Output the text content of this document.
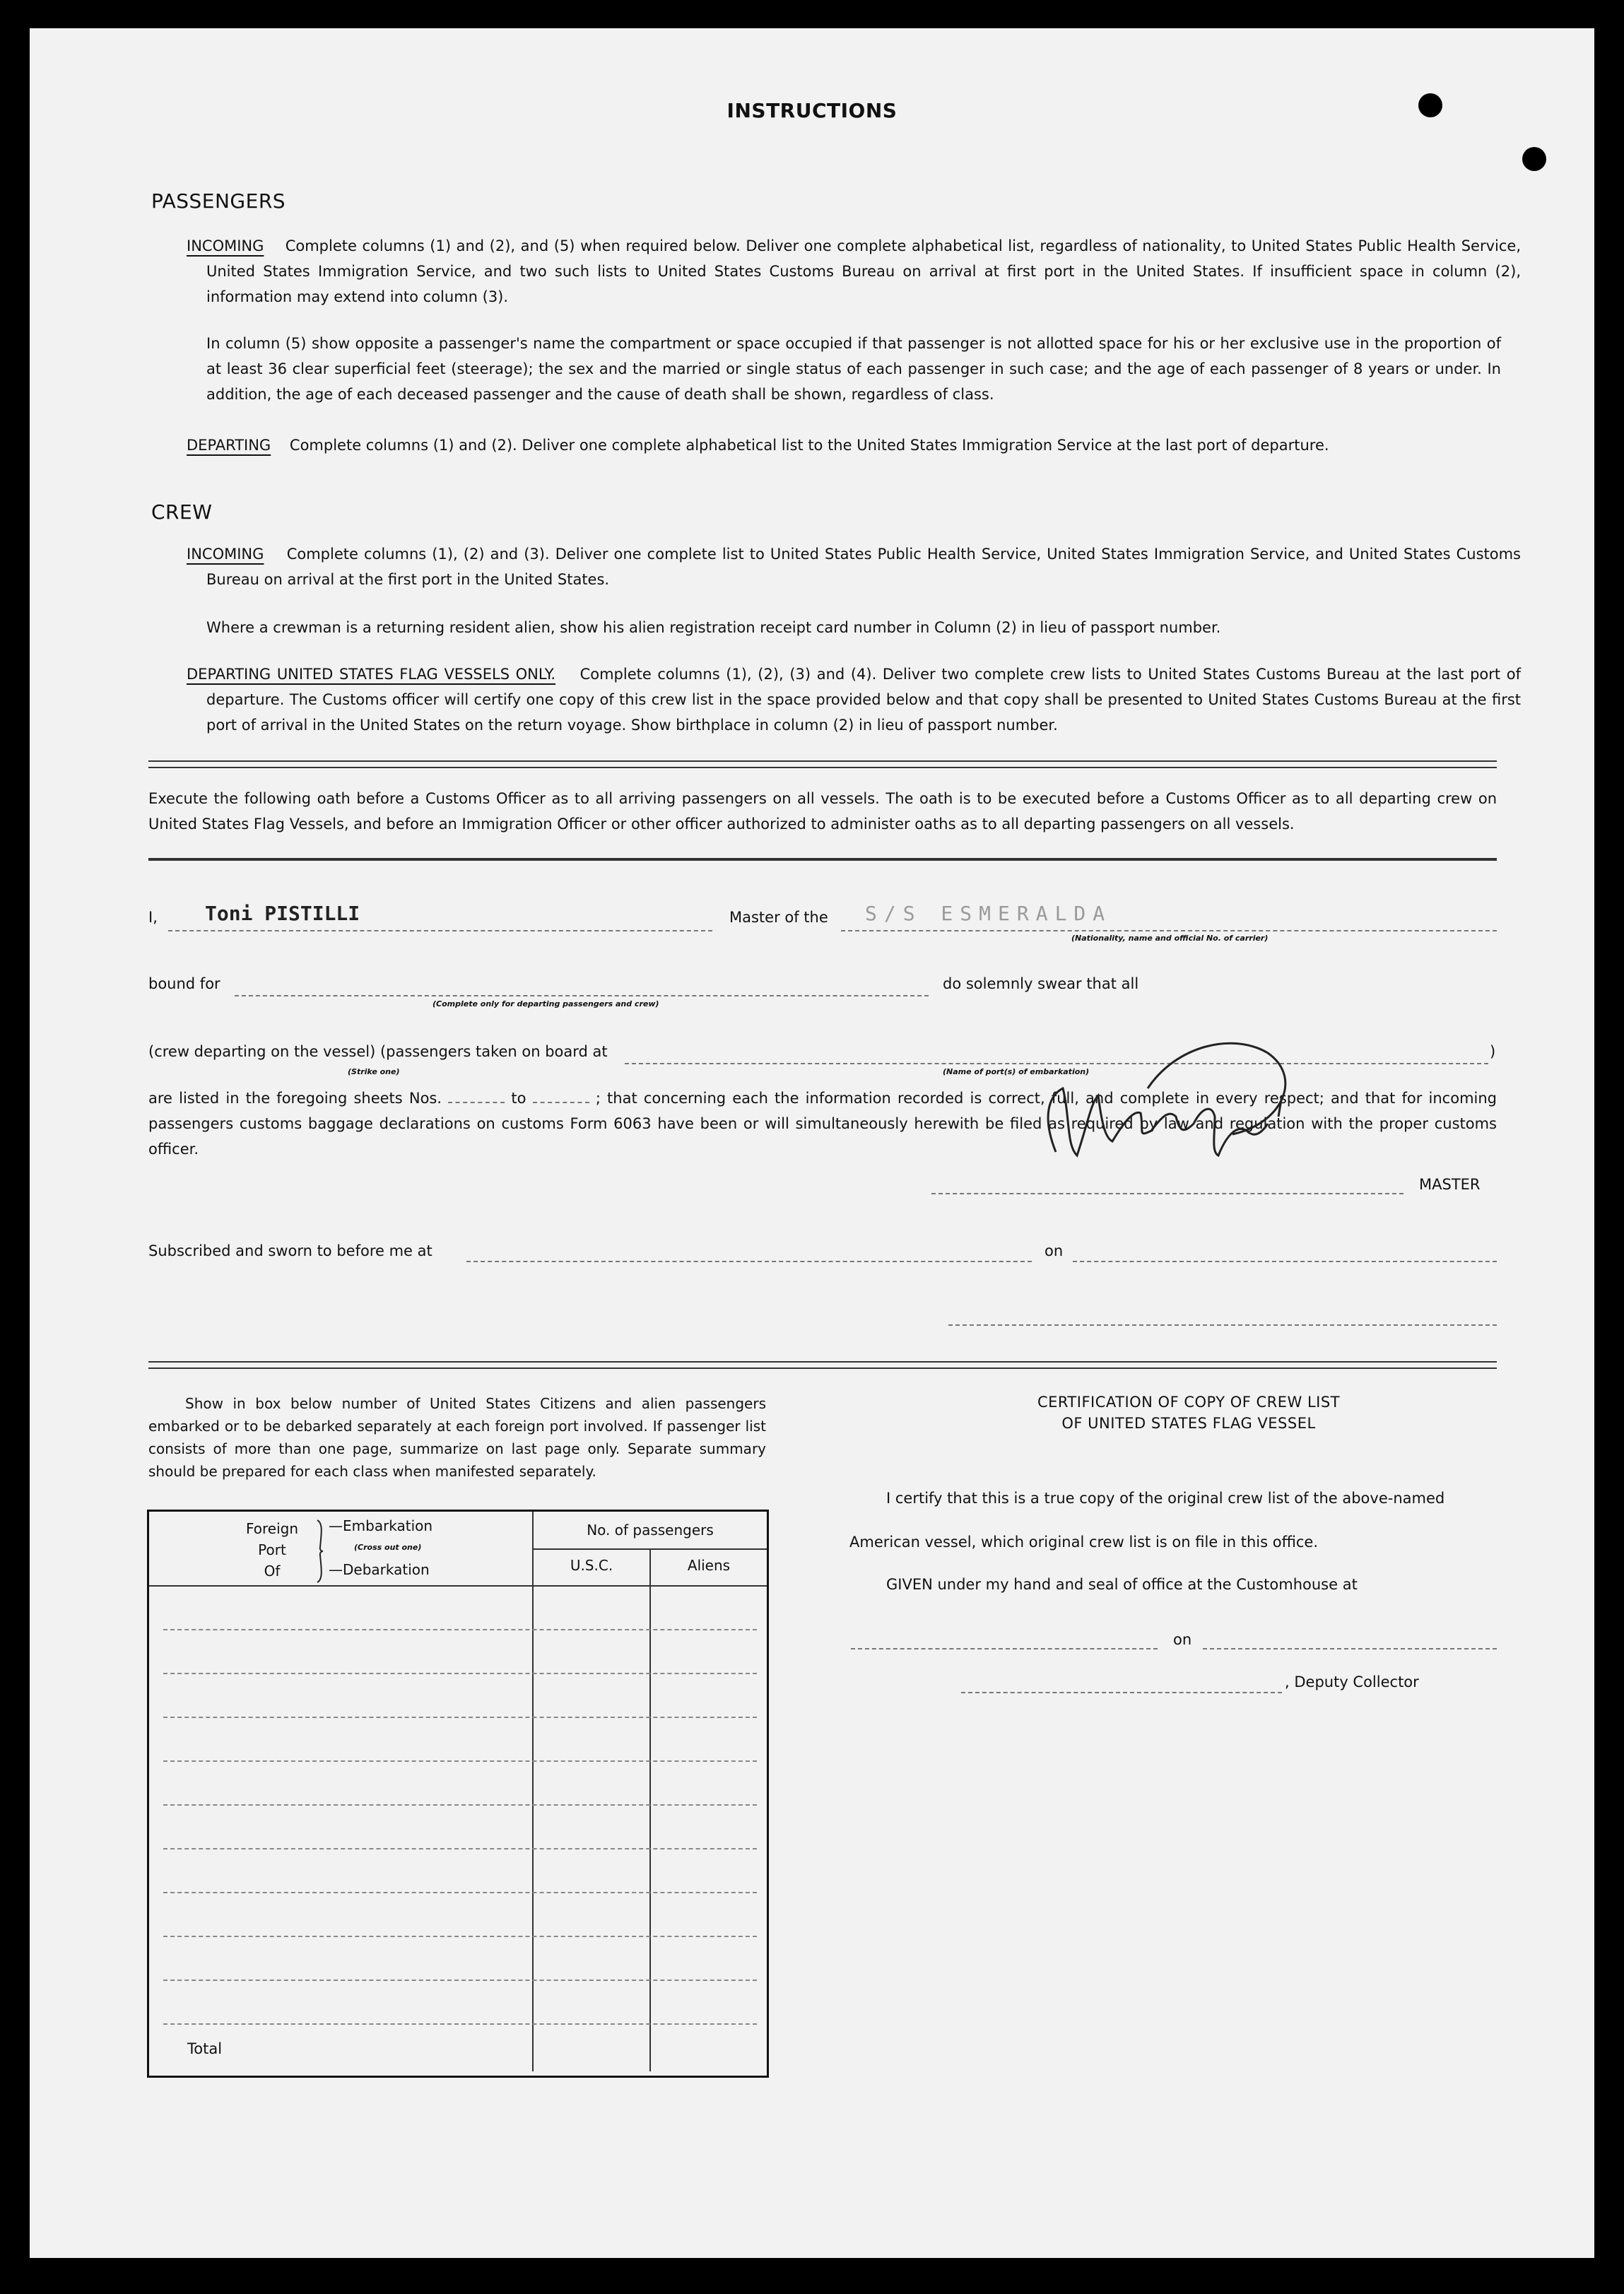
INSTRUCTIONS
PASSENGERS
INCOMING Complete columns (1) and (2), and (5) when required below. Deliver one complete alphabetical list, regardless of nationality, to United States Public Health Service, United States Immigration Service, and two such lists to United States Customs Bureau on arrival at first port in the United States. If insufficient space in column (2), information may extend into column (3).
In column (5) show opposite a passenger's name the compartment or space occupied if that passenger is not allotted space for his or her exclusive use in the proportion of at least 36 clear superficial feet (steerage); the sex and the married or single status of each passenger in such case; and the age of each passenger of 8 years or under. In addition, the age of each deceased passenger and the cause of death shall be shown, regardless of class.
DEPARTING Complete columns (1) and (2). Deliver one complete alphabetical list to the United States Immigration Service at the last port of departure.
CREW
INCOMING Complete columns (1), (2) and (3). Deliver one complete list to United States Public Health Service, United States Immigration Service, and United States Customs Bureau on arrival at the first port in the United States.
Where a crewman is a returning resident alien, show his alien registration receipt card number in Column (2) in lieu of passport number.
DEPARTING UNITED STATES FLAG VESSELS ONLY. Complete columns (1), (2), (3) and (4). Deliver two complete crew lists to United States Customs Bureau at the last port of departure. The Customs officer will certify one copy of this crew list in the space provided below and that copy shall be presented to United States Customs Bureau at the first port of arrival in the United States on the return voyage. Show birthplace in column (2) in lieu of passport number.
Execute the following oath before a Customs Officer as to all arriving passengers on all vessels. The oath is to be executed before a Customs Officer as to all departing crew on United States Flag Vessels, and before an Immigration Officer or other officer authorized to administer oaths as to all departing passengers on all vessels.
I, Toni PISTILLI	Master of the S/S ESMERALDA
(Nationality, name and official No. of carrier)
bound for
(Complete only for departing passengers and crew)
do solemnly swear that all
(crew departing on the vessel) (passengers taken on board at
(Strike one)	(Name of port(s) of embarkation)
)
are listed in the foregoing sheets Nos.	to	; that concerning each the information recorded is correct, full, and complete in every respect; and that for incoming passengers customs baggage declarations on customs Form 6063 have been or will simultaneously herewith be filed as required by law and regulation with the proper customs officer.
MASTER
Subscribed and sworn to before me at	on
Show in box below number of United States Citizens and alien passengers embarked or to be debarked separately at each foreign port involved. If passenger list consists of more than one page, summarize on last page only. Separate summary should be prepared for each class when manifested separately.
Foreign
Port
Of
—Embarkation
(Cross out one)
—Debarkation
No. of passengers
U.S.C.	Aliens
Total
CERTIFICATION OF COPY OF CREW LIST
OF UNITED STATES FLAG VESSEL
I certify that this is a true copy of the original crew list of the above-named
American vessel, which original crew list is on file in this office.
GIVEN under my hand and seal of office at the Customhouse at
on
, Deputy Collector
